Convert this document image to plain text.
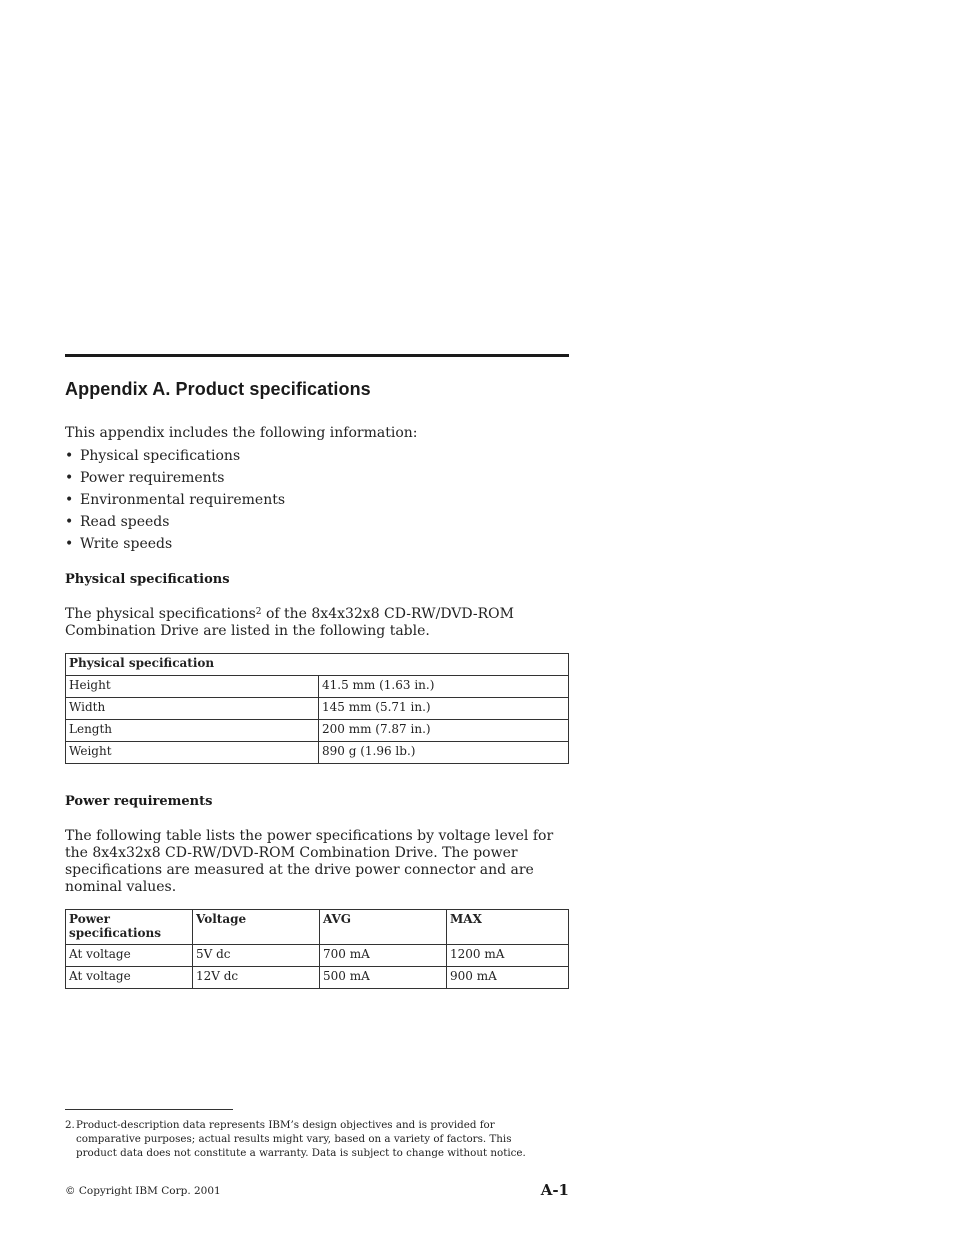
Appendix A. Product specifications
This appendix includes the following information:
• Physical specifications
• Power requirements
• Environmental requirements
• Read speeds
• Write speeds
Physical specifications

The physical specifications$^2$ of the 8x4x32x8 CD-RW/DVD-ROM Combination Drive are listed in the following table.

Physical specification	
Height	41.5 mm (1.63 in.)
Width	145 mm (5.71 in.)
Length	200 mm (7.87 in.)
Weight	890 g (1.96 lb.)
Power requirements

The following table lists the power specifications by voltage level for the 8x4x32x8 CD-RW/DVD-ROM Combination Drive. The power specifications are measured at the drive power connector and are nominal values.

Power specifications	Voltage	AVG	MAX
At voltage	5V dc	700 mA	1200 mA
At voltage	12V dc	500 mA	900 mA
2. Product-description data represents IBM’s design objectives and is provided for comparative purposes; actual results might vary, based on a variety of factors. This product data does not constitute a warranty. Data is subject to change without notice.
© Copyright IBM Corp. 2001	A-1
